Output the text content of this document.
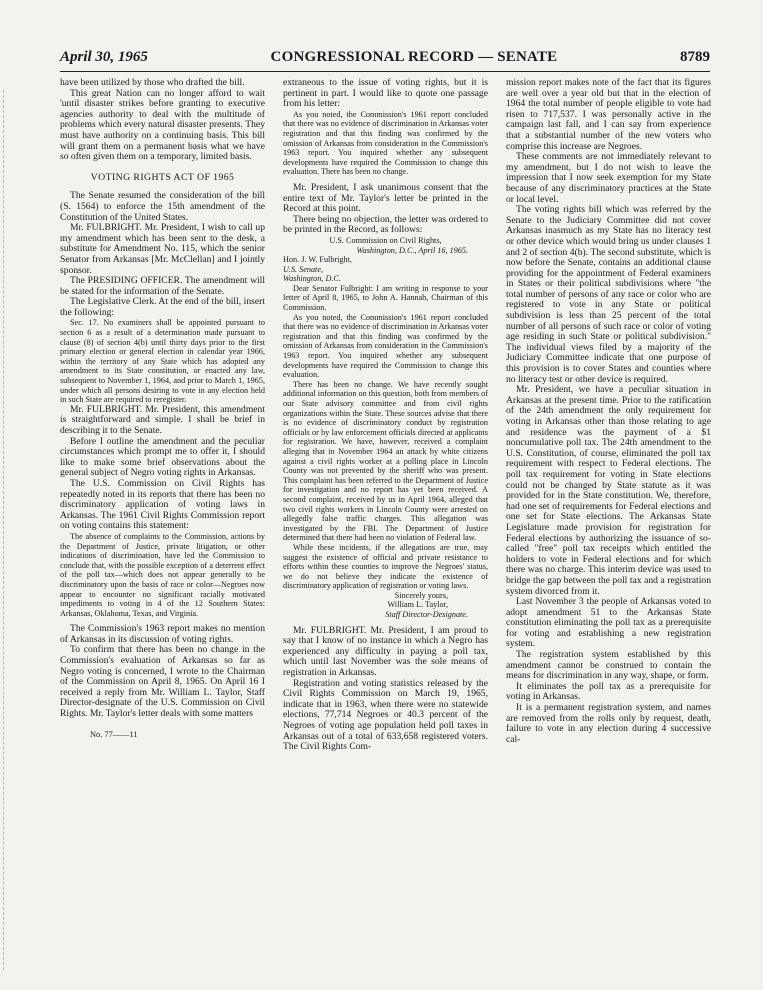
April 30, 1965	CONGRESSIONAL RECORD — SENATE	8789

have been utilized by those who drafted the bill.

This great Nation can no longer afford to wait 'until disaster strikes before granting to executive agencies authority to deal with the multitude of problems which every natural disaster presents. They must have authority on a continuing basis. This bill will grant them on a permanent basis what we have so often given them on a temporary, limited basis.

VOTING RIGHTS ACT OF 1965

The Senate resumed the consideration of the bill (S. 1564) to enforce the 15th amendment of the Constitution of the United States.

Mr. FULBRIGHT. Mr. President, I wish to call up my amendment which has been sent to the desk, a substitute for Amendment No. 115, which the senior Senator from Arkansas [Mr. McClellan] and I jointly sponsor.

The PRESIDING OFFICER. The amendment will be stated for the information of the Senate.

The Legislative Clerk. At the end of the bill, insert the following:

Sec. 17. No examiners shall be appointed pursuant to section 6 as a result of a determination made pursuant to clause (8) of section 4(b) until thirty days prior to the first primary election or general election in calendar year 1966, within the territory of any State which has adopted any amendment to its State constitution, or enacted any law, subsequent to November 1, 1964, and prior to March 1, 1965, under which all persons desiring to vote in any election held in such State are required to reregister.

Mr. FULBRIGHT. Mr. President, this amendment is straightforward and simple. I shall be brief in describing it to the Senate.

Before I outline the amendment and the peculiar circumstances which prompt me to offer it, I should like to make some brief observations about the general subject of Negro voting rights in Arkansas.

The U.S. Commission on Civil Rights has repeatedly noted in its reports that there has been no discriminatory application of voting laws in Arkansas. The 1961 Civil Rights Commission report on voting contains this statement:

The absence of complaints to the Commission, actions by the Department of Justice, private litigation, or other indications of discrimination, have led the Commission to conclude that, with the possible exception of a deterrent effect of the poll tax—which does not appear generally to be discriminatory upon the basis of race or color—Negroes now appear to encounter no significant racially motivated impediments to voting in 4 of the 12 Southern States: Arkansas, Oklahoma, Texas, and Virginia.

The Commission's 1963 report makes no mention of Arkansas in its discussion of voting rights.

To confirm that there has been no change in the Commission's evaluation of Arkansas so far as Negro voting is concerned, I wrote to the Chairman of the Commission on April 8, 1965. On April 16 I received a reply from Mr. William L. Taylor, Staff Director-designate of the U.S. Commission on Civil Rights. Mr. Taylor's letter deals with some matters

No. 77——11

extraneous to the issue of voting rights, but it is pertinent in part. I would like to quote one passage from his letter:

As you noted, the Commission's 1961 report concluded that there was no evidence of discrimination in Arkansas voter registration and that this finding was confirmed by the omission of Arkansas from consideration in the Commission's 1963 report. You inquired whether any subsequent developments have required the Commission to change this evaluation. There has been no change.

Mr. President, I ask unanimous consent that the entire text of Mr. Taylor's letter be printed in the Record at this point.

There being no objection, the letter was ordered to be printed in the Record, as follows:

U.S. Commission on Civil Rights,
Washington, D.C., April 16, 1965.
Hon. J. W. Fulbright,
U.S. Senate,
Washington, D.C.

Dear Senator Fulbright: I am writing in response to your letter of April 8, 1965, to John A. Hannah, Chairman of this Commission.

As you noted, the Commission's 1961 report concluded that there was no evidence of discrimination in Arkansas voter registration and that this finding was confirmed by the omission of Arkansas from consideration in the Commission's 1963 report. You inquired whether any subsequent developments have required the Commission to change this evaluation.

There has been no change. We have recently sought additional information on this question, both from members of our State advisory committee and from civil rights organizations within the State. These sources advise that there is no evidence of discriminatory conduct by registration officials or by law enforcement officials directed at applicants for registration. We have, however, received a complaint alleging that in November 1964 an attack by white citizens against a civil rights worker at a polling place in Lincoln County was not prevented by the sheriff who was present. This complaint has been referred to the Department of Justice for investigation and no report has yet been received. A second complaint, received by us in April 1964, alleged that two civil rights workers in Lincoln County were arrested on allegedly false traffic charges. This allegation was investigated by the FBI. The Department of Justice determined that there had been no violation of Federal law.

While these incidents, if the allegations are true, may suggest the existence of official and private resistance to efforts within these counties to improve the Negroes' status, we do not believe they indicate the existence of discriminatory application of registration or voting laws.

Sincerely yours,
William L. Taylor,
Staff Director-Designate.

Mr. FULBRIGHT. Mr. President, I am proud to say that I know of no instance in which a Negro has experienced any difficulty in paying a poll tax, which until last November was the sole means of registration in Arkansas.

Registration and voting statistics released by the Civil Rights Commission on March 19, 1965, indicate that in 1963, when there were no statewide elections, 77,714 Negroes or 40.3 percent of the Negroes of voting age population held poll taxes in Arkansas out of a total of 633,658 registered voters. The Civil Rights Com-

mission report makes note of the fact that its figures are well over a year old but that in the election of 1964 the total number of people eligible to vote had risen to 717,537. I was personally active in the campaign last fall, and I can say from experience that a substantial number of the new voters who comprise this increase are Negroes.

These comments are not immediately relevant to my amendment, but I do not wish to leave the impression that I now seek exemption for my State because of any discriminatory practices at the State or local level.

The voting rights bill which was referred by the Senate to the Judiciary Committee did not cover Arkansas inasmuch as my State has no literacy test or other device which would bring us under clauses 1 and 2 of section 4(b). The second substitute, which is now before the Senate, contains an additional clause providing for the appointment of Federal examiners in States or their political subdivisions where "the total number of persons of any race or color who are registered to vote in any State or political subdivision is less than 25 percent of the total number of all persons of such race or color of voting age residing in such State or political subdivision." The individual views filed by a majority of the Judiciary Committee indicate that one purpose of this provision is to cover States and counties where no literacy test or other device is required.

Mr. President, we have a peculiar situation in Arkansas at the present time. Prior to the ratification of the 24th amendment the only requirement for voting in Arkansas other than those relating to age and residence was the payment of a $1 noncumulative poll tax. The 24th amendment to the U.S. Constitution, of course, eliminated the poll tax requirement with respect to Federal elections. The poll tax requirement for voting in State elections could not be changed by State statute as it was provided for in the State constitution. We, therefore, had one set of requirements for Federal elections and one set for State elections. The Arkansas State Legislature made provision for registration for Federal elections by authorizing the issuance of so-called "free" poll tax receipts which entitled the holders to vote in Federal elections and for which there was no charge. This interim device was used to bridge the gap between the poll tax and a registration system divorced from it.

Last November 3 the people of Arkansas voted to adopt amendment 51 to the Arkansas State constitution eliminating the poll tax as a prerequisite for voting and establishing a new registration system.

The registration system established by this amendment cannot be construed to contain the means for discrimination in any way, shape, or form.

It eliminates the poll tax as a prerequisite for voting in Arkansas.

It is a permanent registration system, and names are removed from the rolls only by request, death, failure to vote in any election during 4 successive cal-
